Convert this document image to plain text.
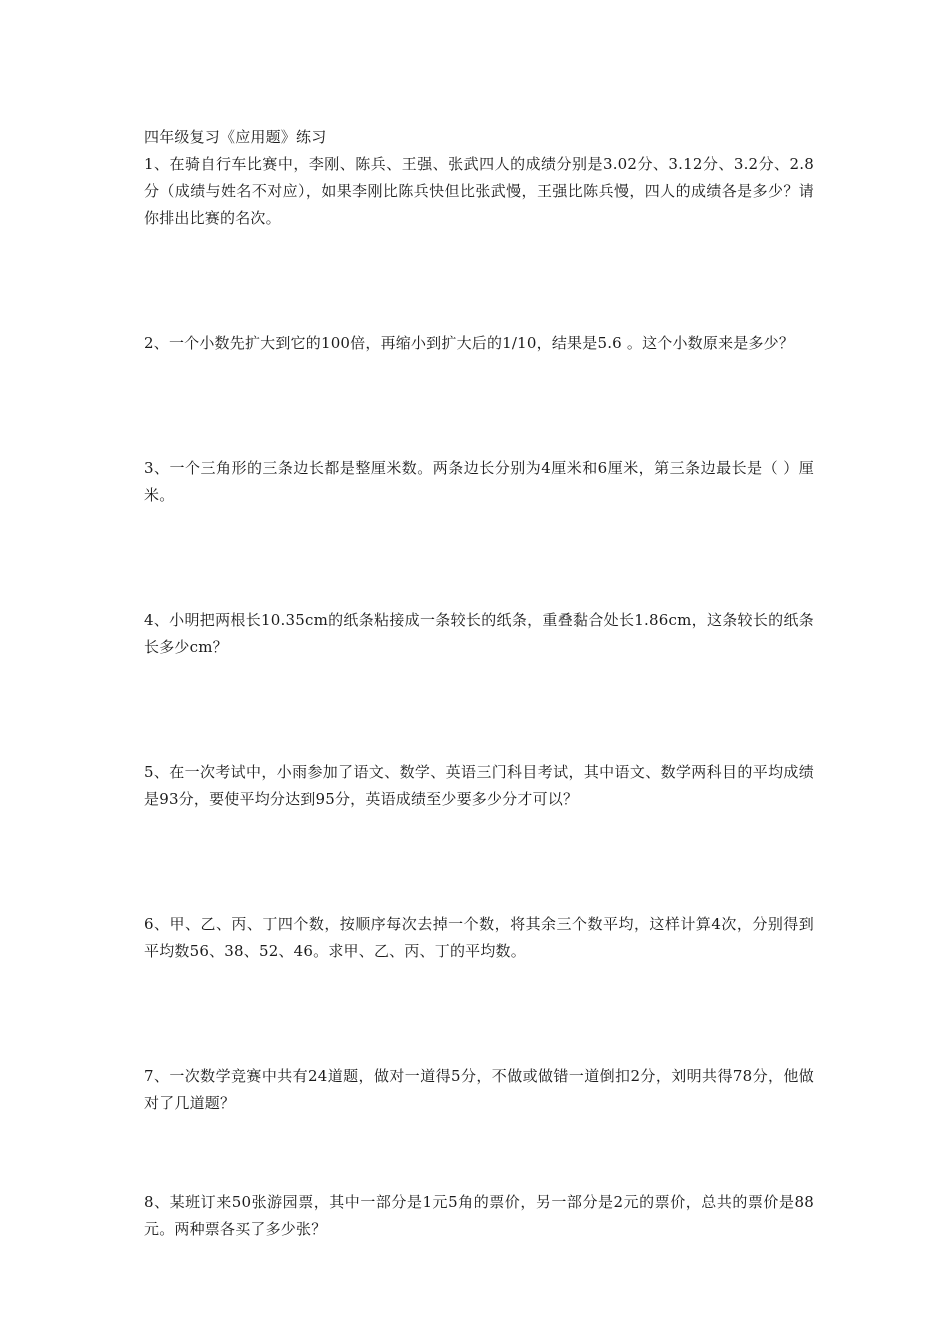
四年级复习《应用题》练习

1、在骑自行车比赛中，李刚、陈兵、王强、张武四人的成绩分别是3.02分、3.12分、3.2分、2.8分（成绩与姓名不对应），如果李刚比陈兵快但比张武慢，王强比陈兵慢，四人的成绩各是多少？请你排出比赛的名次。

2、一个小数先扩大到它的100倍，再缩小到扩大后的1/10，结果是5.6 。这个小数原来是多少？

3、一个三角形的三条边长都是整厘米数。两条边长分别为4厘米和6厘米，第三条边最长是（ ）厘米。

4、小明把两根长10.35cm的纸条粘接成一条较长的纸条，重叠黏合处长1.86cm，这条较长的纸条长多少cm？

5、在一次考试中，小雨参加了语文、数学、英语三门科目考试，其中语文、数学两科目的平均成绩是93分，要使平均分达到95分，英语成绩至少要多少分才可以？

6、甲、乙、丙、丁四个数，按顺序每次去掉一个数，将其余三个数平均，这样计算4次，分别得到平均数56、38、52、46。求甲、乙、丙、丁的平均数。

7、一次数学竞赛中共有24道题，做对一道得5分，不做或做错一道倒扣2分，刘明共得78分，他做对了几道题？

8、某班订来50张游园票，其中一部分是1元5角的票价，另一部分是2元的票价，总共的票价是88元。两种票各买了多少张？
